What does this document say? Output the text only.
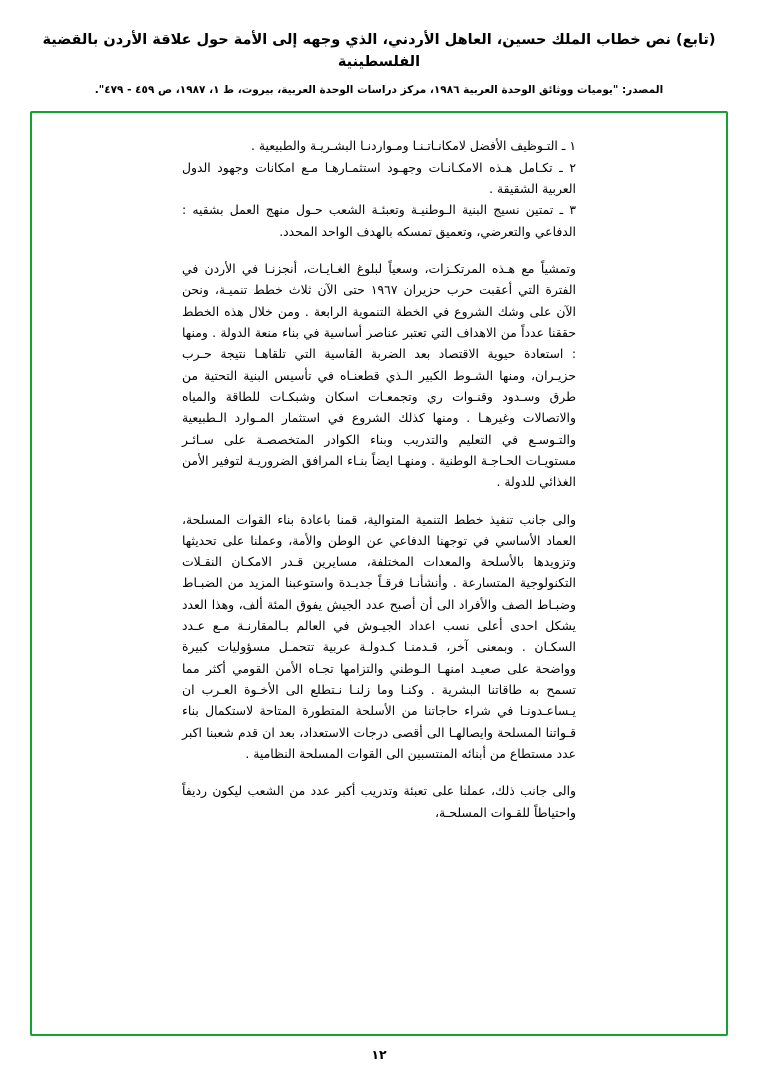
(تابع) نص خطاب الملك حسين، العاهل الأردني، الذي وجهه إلى الأمة حول علاقة الأردن بالقضية الفلسطينية
المصدر: "يوميات ووثائق الوحدة العربية ١٩٨٦، مركز دراسات الوحدة العربية، بيروت، ط ١، ١٩٨٧، ص ٤٥٩ - ٤٧٩".

١ ـ التـوظيف الأفضل لامكانـاتـنـا ومـواردنـا البشـريـة والطبيعية .

٢ ـ تكـامل هـذه الامكـانـات وجهـود استثمـارهـا مـع امكانات وجهود الدول العربية الشقيقة .

٣ ـ تمتين نسيج البنية الـوطنيـة وتعبئـة الشعب حـول منهج العمل بشقيه : الدفاعي والتعرضي، وتعميق تمسكه بالهدف الواحد المحدد.

وتمشياً مع هـذه المرتكـزات، وسعياً لبلوغ الغـايـات، أنجزنـا في الأردن في الفترة التي أعقبت حرب حزيران ١٩٦٧ حتى الآن ثلاث خطط تنميـة، ونحن الآن على وشك الشروع في الخطة التنموية الرابعة . ومن خلال هذه الخطط حققنا عدداً من الاهداف التي تعتبر عناصر أساسية في بناء منعة الدولة . ومنها : استعادة حيوية الاقتصاد بعد الضربة القاسية التي تلقاهـا نتيجة حـرب حزيـران، ومنها الشـوط الكبير الـذي قطعنـاه في تأسيس البنية التحتية من طرق وسـدود وقنـوات ري وتجمعـات اسكان وشبكـات للطاقة والمياه والاتصالات وغيرهـا . ومنها كذلك الشروع في استثمار المـوارد الـطبيعية والتـوسـع في التعليم والتدريب وبناء الكوادر المتخصصـة على سـائـر مستويـات الحـاجـة الوطنية . ومنهـا ايضاً بنـاء المرافق الضروريـة لتوفير الأمن الغذائي للدولة .

والى جانب تنفيذ خطط التنمية المتوالية، قمنا باعادة بناء القوات المسلحة، العماد الأساسي في توجهنا الدفاعي عن الوطن والأمة، وعملنا على تحديثها وتزويدها بالأسلحة والمعدات المختلفة، مسايرين قـدر الامكـان النقـلات التكنولوجية المتسارعة . وأنشأنـا فرقـاً جديـدة واستوعبنا المزيد من الضبـاط وضبـاط الصف والأفراد الى أن أصبح عدد الجيش يفوق المئة ألف، وهذا العدد يشكل احدى أعلى نسب اعداد الجيـوش في العالم بـالمقارنـة مـع عـدد السكـان . وبمعنى آخر، قـدمنـا كـدولـة عربية تتحمـل مسؤوليات كبيرة وواضحة على صعيـد امنهـا الـوطني والتزامها تجـاه الأمن القومي أكثر مما تسمح به طاقاتنا البشرية . وكنـا وما زلنـا نـتطلع الى الأخـوة العـرب ان يـساعـدونـا في شراء حاجاتنا من الأسلحة المتطورة المتاحة لاستكمال بناء قـواتنا المسلحة وايصالهـا الى أقصى درجات الاستعداد، بعد ان قدم شعبنا اكبر عدد مستطاع من أبنائه المنتسبين الى القوات المسلحة النظامية .

والى جانب ذلك، عملنا على تعبئة وتدريب أكبر عدد من الشعب ليكون رديفاً واحتياطاً للقـوات المسلحـة،

١٢
